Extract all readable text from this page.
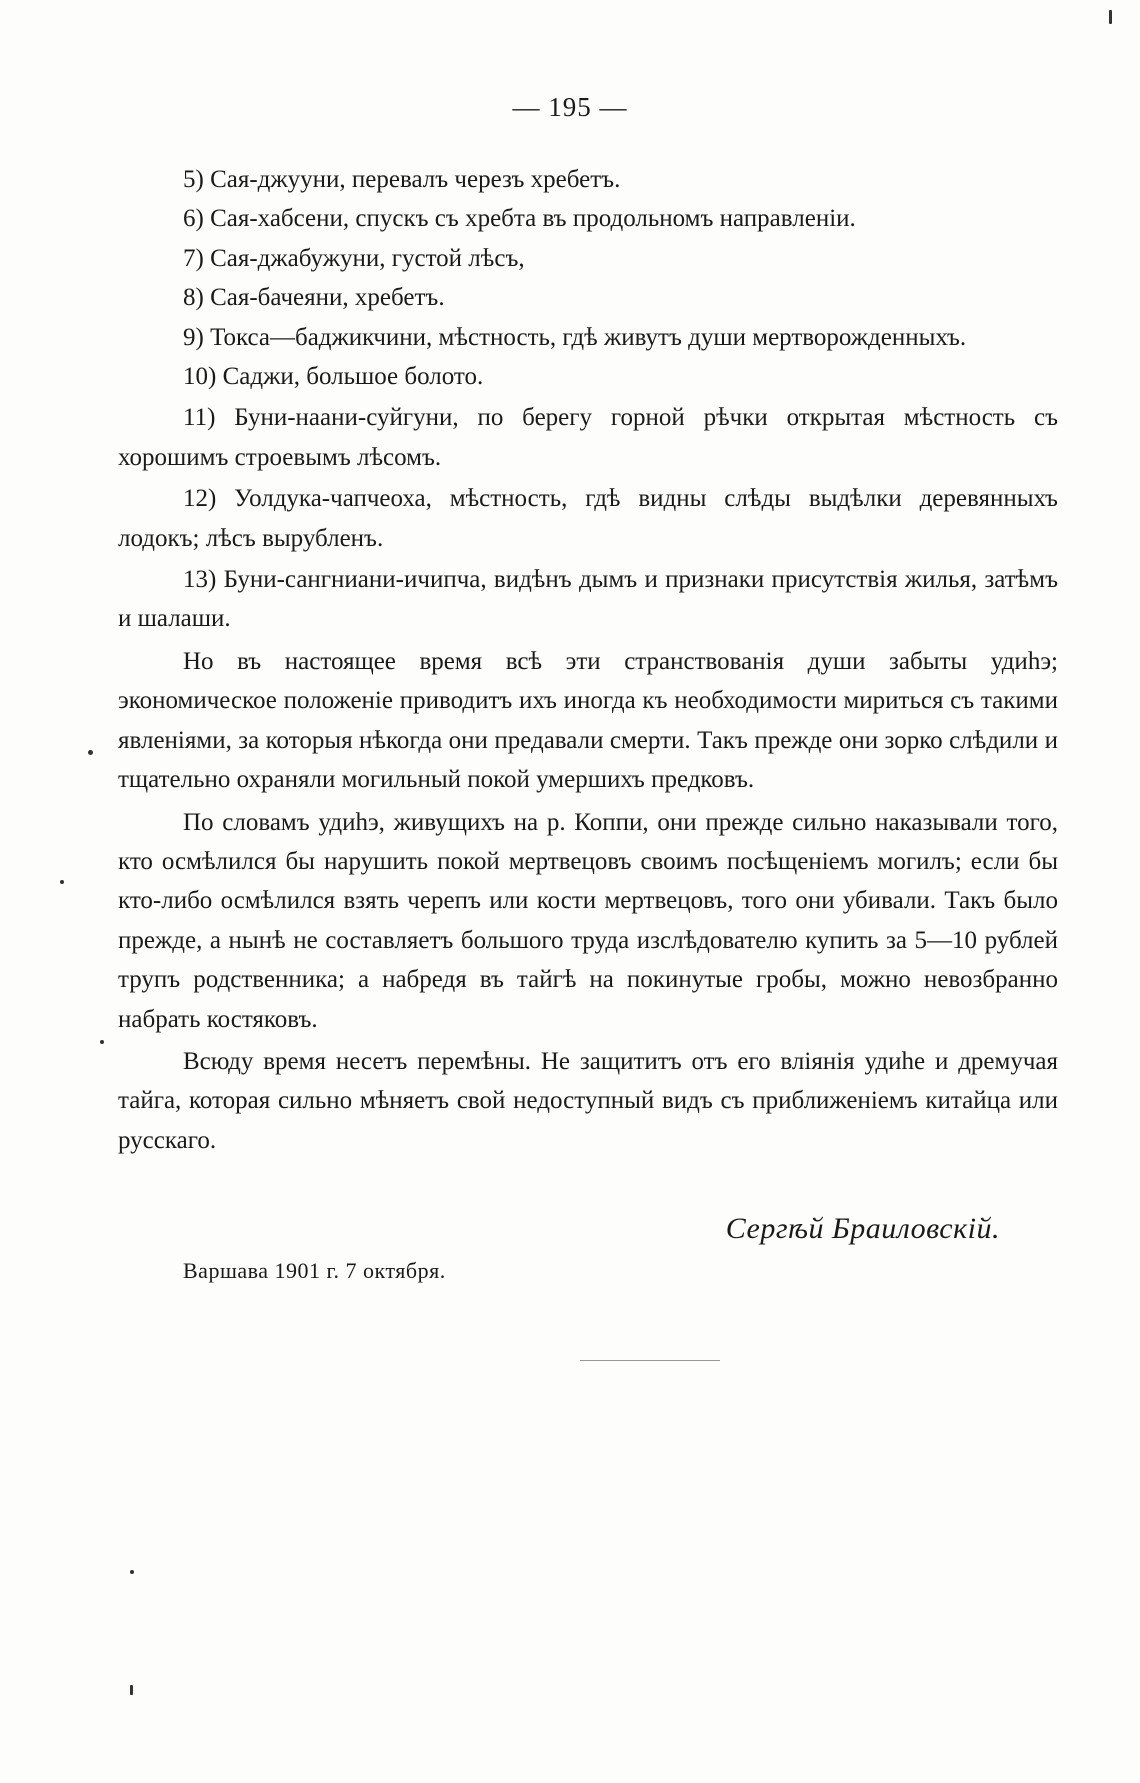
— 195 —

5) Сая-джууни, перевалъ черезъ хребетъ.

6) Сая-хабсени, спускъ съ хребта въ продольномъ направленіи.

7) Сая-джабужуни, густой лѣсъ,

8) Сая-бачеяни, хребетъ.

9) Токса—баджикчини, мѣстность, гдѣ живутъ души мертворожденныхъ.

10) Саджи, большое болото.

11) Буни-наани-суйгуни, по берегу горной рѣчки открытая мѣстность съ хорошимъ строевымъ лѣсомъ.

12) Уолдука-чапчеоха, мѣстность, гдѣ видны слѣды выдѣлки деревянныхъ лодокъ; лѣсъ вырубленъ.

13) Буни-сангниани-ичипча, видѣнъ дымъ и признаки присутствія жилья, затѣмъ и шалаши.

Но въ настоящее время всѣ эти странствованія души забыты удиһэ; экономическое положеніе приводитъ ихъ иногда къ необходимости мириться съ такими явленіями, за которыя нѣкогда они предавали смерти. Такъ прежде они зорко слѣдили и тщательно охраняли могильный покой умершихъ предковъ.

По словамъ удиһэ, живущихъ на р. Коппи, они прежде сильно наказывали того, кто осмѣлился бы нарушить покой мертвецовъ своимъ посѣщеніемъ могилъ; если бы кто-либо осмѣлился взять черепъ или кости мертвецовъ, того они убивали. Такъ было прежде, а нынѣ не составляетъ большого труда изслѣдователю купить за 5—10 рублей трупъ родственника; а набредя въ тайгѣ на покинутые гробы, можно невозбранно набрать костяковъ.

Всюду время несетъ перемѣны. Не защититъ отъ его вліянія удиһе и дремучая тайга, которая сильно мѣняетъ свой недоступный видъ съ приближеніемъ китайца или русскаго.

Сергѣй Браиловскій.
Варшава 1901 г. 7 октября.
